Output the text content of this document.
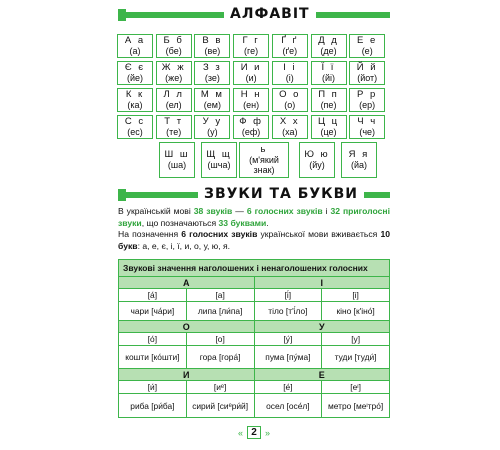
АЛФАВІТ
А а
(а)
Б б
(бе)
В в
(ве)
Г г
(ге)
Ґ ґ
(ґе)
Д д
(де)
Е е
(е)
Є є
(йе)
Ж ж
(же)
З з
(зе)
И и
(и)
І і
(і)
Ї ї
(йі)
Й й
(йот)
К к
(ка)
Л л
(ел)
М м
(ем)
Н н
(ен)
О о
(о)
П п
(пе)
Р р
(ер)
С с
(ес)
Т т
(те)
У у
(у)
Ф ф
(еф)
Х х
(ха)
Ц ц
(це)
Ч ч
(че)
Ш ш
(ша)
Щ щ
(шча)
ь
(м'який знак)
Ю ю
(йу)
Я я
(йа)
ЗВУКИ ТА БУКВИ
В українській мові 38 звуків — 6 голосних звуків і 32 приголосні звуки, що позначаються 33 буквами.
На позначення 6 голосних звуків української мови вживається 10 букв: а, е, є, і, ї, и, о, у, ю, я.
Звукові значення наголошених і ненаголошених голосних
А	І
[а́]	[а]	[і́]	[і]
чари [ча́ри]	липа [ли́па]	тіло [т'і́ло]	кіно [к'іно́]
О	У
[о́]	[о]	[у́]	[у]
кошти [ко́шти]	гора [гора́]	пума [пу́ма]	туди [туди́]
И	Е
[и́]	[иᵉ]	[е́]	[еᶦ]
риба [ри́ба]	сирий [сиᵉри́й]	осел [осе́л]	метро [меᶦтро́]
« 2 »
